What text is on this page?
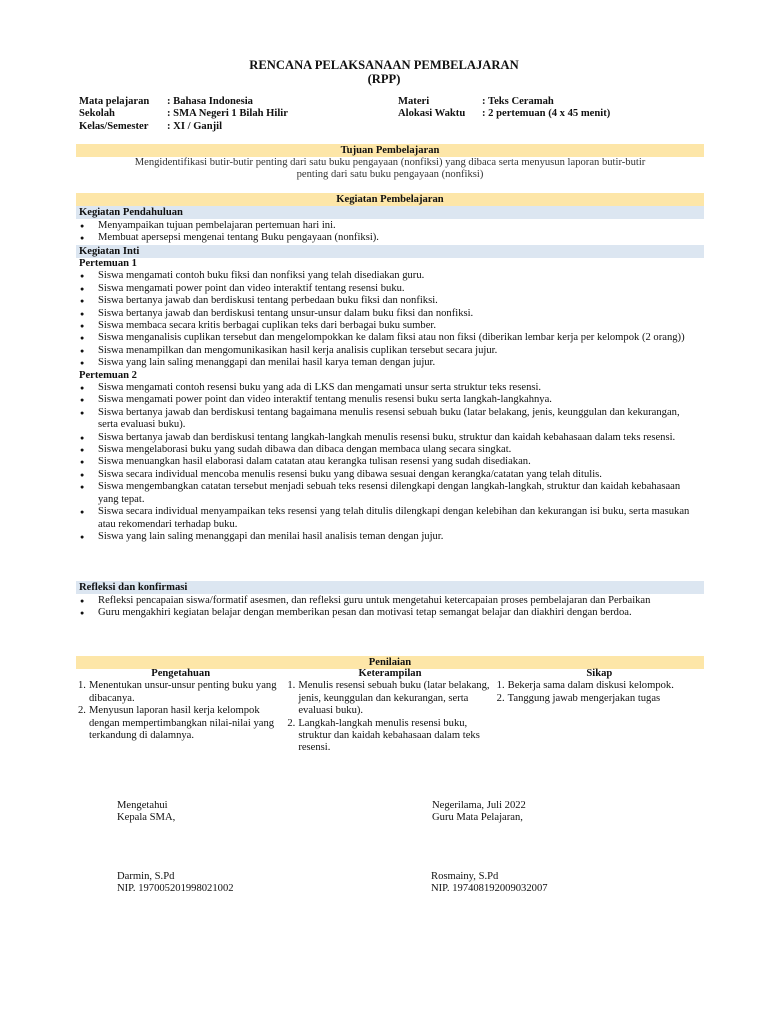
RENCANA PELAKSANAAN PEMBELAJARAN
(RPP)
Mata pelajaran	: Bahasa Indonesia
Sekolah	: SMA Negeri 1 Bilah Hilir
Kelas/Semester	: XI / Ganjil
Materi	: Teks Ceramah
Alokasi Waktu	: 2 pertemuan (4 x 45 menit)
Tujuan Pembelajaran
Mengidentifikasi butir-butir penting dari satu buku pengayaan (nonfiksi) yang dibaca serta menyusun laporan butir-butir
penting dari satu buku pengayaan (nonfiksi)
Kegiatan Pembelajaran
Kegiatan Pendahuluan
● Menyampaikan tujuan pembelajaran pertemuan hari ini.
● Membuat apersepsi mengenai tentang Buku pengayaan (nonfiksi).
Kegiatan Inti
Pertemuan 1
● Siswa mengamati contoh buku fiksi dan nonfiksi yang telah disediakan guru.
● Siswa mengamati power point dan video interaktif tentang resensi buku.
● Siswa bertanya jawab dan berdiskusi tentang perbedaan buku fiksi dan nonfiksi.
● Siswa bertanya jawab dan berdiskusi tentang unsur-unsur dalam buku fiksi dan nonfiksi.
● Siswa membaca secara kritis berbagai cuplikan teks dari berbagai buku sumber.
● Siswa menganalisis cuplikan tersebut dan mengelompokkan ke dalam fiksi atau non fiksi (diberikan lembar kerja per kelompok (2 orang))
● Siswa menampilkan dan mengomunikasikan hasil kerja analisis cuplikan tersebut secara jujur.
● Siswa yang lain saling menanggapi dan menilai hasil karya teman dengan jujur.
Pertemuan 2
● Siswa mengamati contoh resensi buku yang ada di LKS dan mengamati unsur serta struktur teks resensi.
● Siswa mengamati power point dan video interaktif tentang menulis resensi buku serta langkah-langkahnya.
● Siswa bertanya jawab dan berdiskusi tentang bagaimana menulis resensi sebuah buku (latar belakang, jenis, keunggulan dan kekurangan, serta evaluasi buku).
● Siswa bertanya jawab dan berdiskusi tentang langkah-langkah menulis resensi buku, struktur dan kaidah kebahasaan dalam teks resensi.
● Siswa mengelaborasi buku yang sudah dibawa dan dibaca dengan membaca ulang secara singkat.
● Siswa menuangkan hasil elaborasi dalam catatan atau kerangka tulisan resensi yang sudah disediakan.
● Siswa secara individual mencoba menulis resensi buku yang dibawa sesuai dengan kerangka/catatan yang telah ditulis.
● Siswa mengembangkan catatan tersebut menjadi sebuah teks resensi dilengkapi dengan langkah-langkah, struktur dan kaidah kebahasaan yang tepat.
● Siswa secara individual menyampaikan teks resensi yang telah ditulis dilengkapi dengan kelebihan dan kekurangan isi buku, serta masukan atau rekomendari terhadap buku.
● Siswa yang lain saling menanggapi dan menilai hasil analisis teman dengan jujur.
Refleksi dan konfirmasi
● Refleksi pencapaian siswa/formatif asesmen, dan refleksi guru untuk mengetahui ketercapaian proses pembelajaran dan Perbaikan
● Guru mengakhiri kegiatan belajar dengan memberikan pesan dan motivasi tetap semangat belajar dan diakhiri dengan berdoa.
Penilaian
Pengetahuan
1. Menentukan unsur-unsur penting buku yang dibacanya.
2. Menyusun laporan hasil kerja kelompok dengan mempertimbangkan nilai-nilai yang terkandung di dalamnya.
Keterampilan
1. Menulis resensi sebuah buku (latar belakang, jenis, keunggulan dan kekurangan, serta evaluasi buku).
2. Langkah-langkah menulis resensi buku, struktur dan kaidah kebahasaan dalam teks resensi.
Sikap
1. Bekerja sama dalam diskusi kelompok.
2. Tanggung jawab mengerjakan tugas
Mengetahui
Kepala SMA,
Darmin, S.Pd
NIP. 197005201998021002
Negerilama, Juli 2022
Guru Mata Pelajaran,
Rosmainy, S.Pd
NIP. 197408192009032007
